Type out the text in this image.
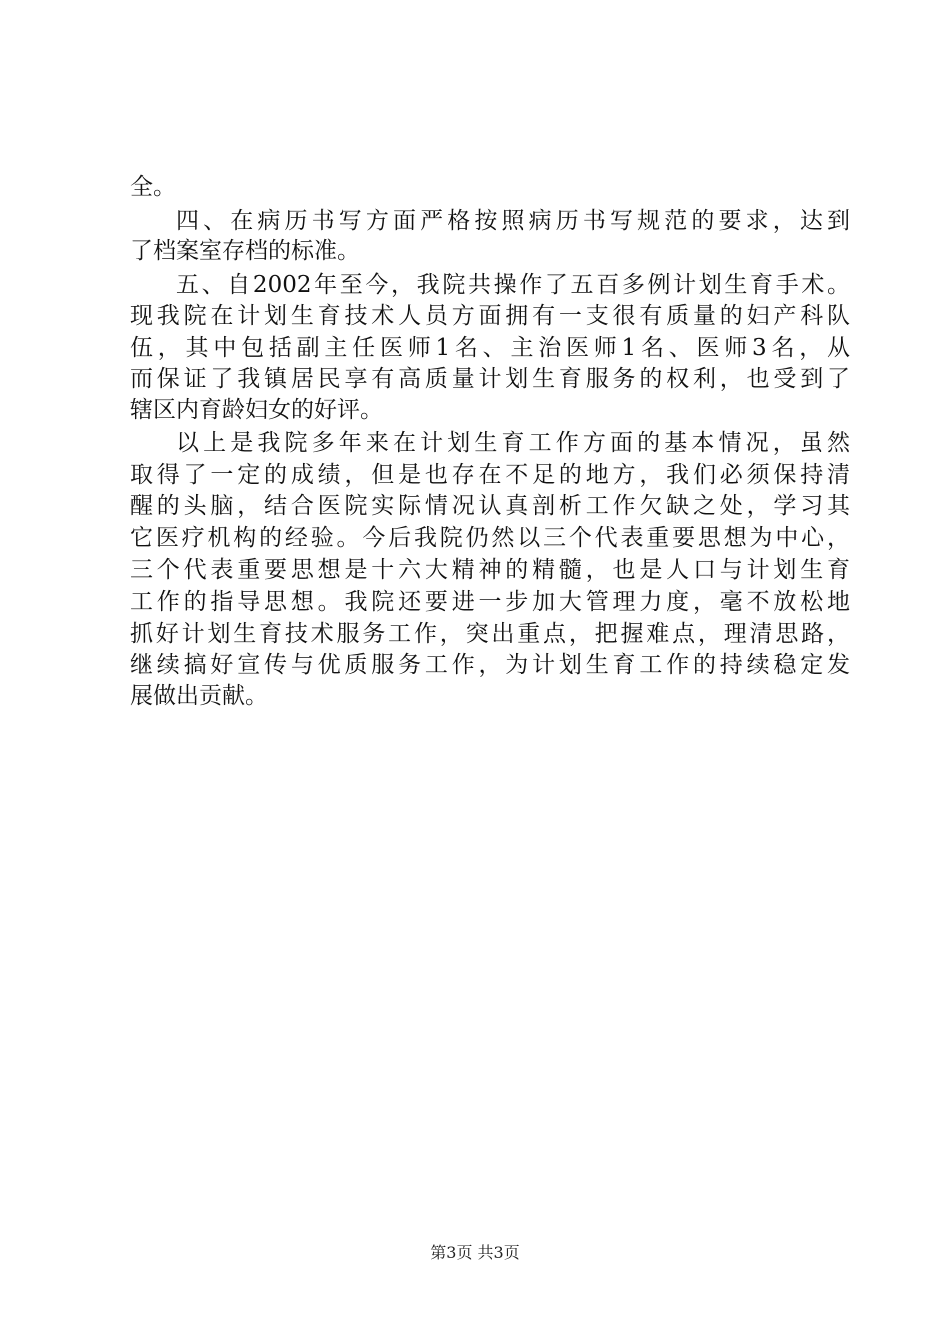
全。
四、在病历书写方面严格按照病历书写规范的要求，达到
了档案室存档的标准。
五、自2002年至今，我院共操作了五百多例计划生育手术。
现我院在计划生育技术人员方面拥有一支很有质量的妇产科队
伍，其中包括副主任医师1名、主治医师1名、医师3名，从
而保证了我镇居民享有高质量计划生育服务的权利，也受到了
辖区内育龄妇女的好评。
以上是我院多年来在计划生育工作方面的基本情况，虽然
取得了一定的成绩，但是也存在不足的地方，我们必须保持清
醒的头脑，结合医院实际情况认真剖析工作欠缺之处，学习其
它医疗机构的经验。今后我院仍然以三个代表重要思想为中心，
三个代表重要思想是十六大精神的精髓，也是人口与计划生育
工作的指导思想。我院还要进一步加大管理力度，毫不放松地
抓好计划生育技术服务工作，突出重点，把握难点，理清思路，
继续搞好宣传与优质服务工作，为计划生育工作的持续稳定发
展做出贡献。
第3页 共3页
